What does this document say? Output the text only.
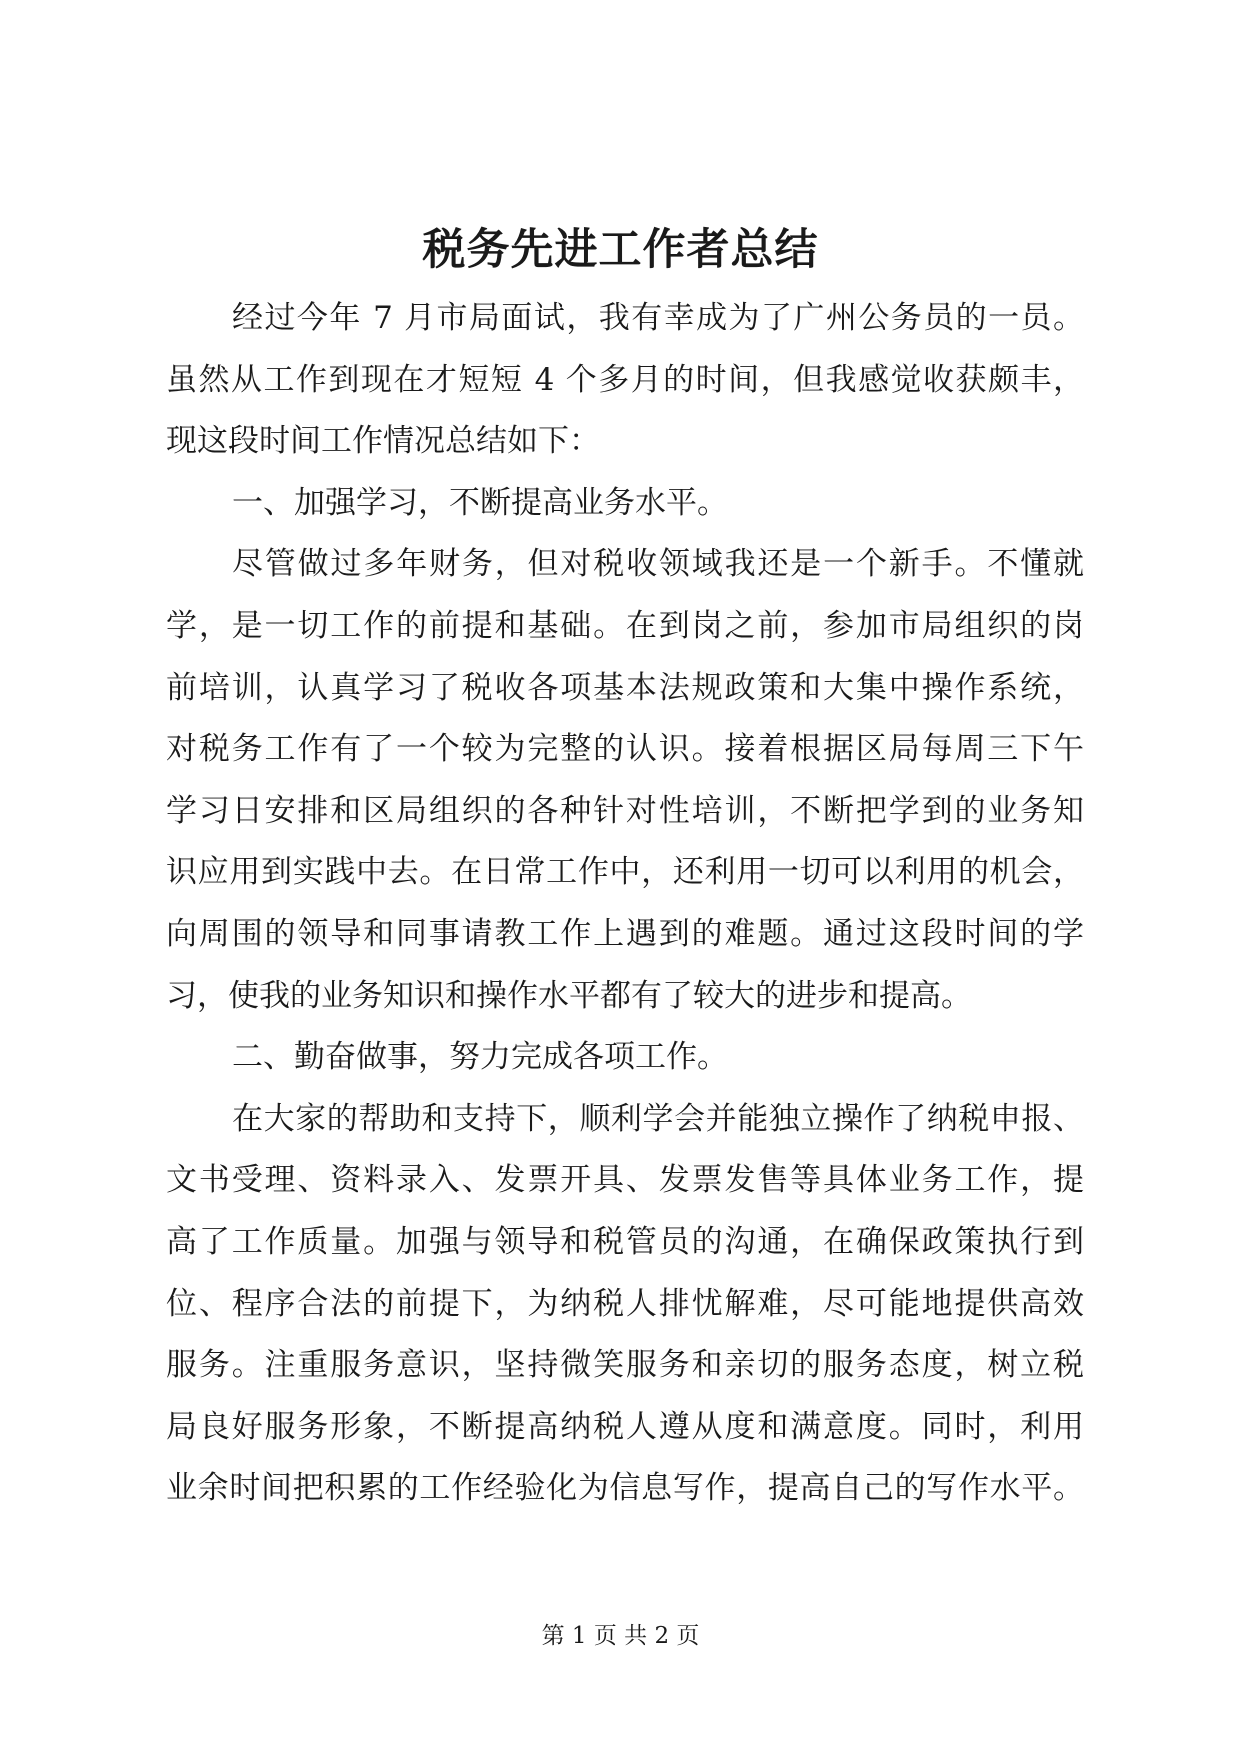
税务先进工作者总结
经过今年 7 月市局面试，我有幸成为了广州公务员的一员。
虽然从工作到现在才短短 4 个多月的时间，但我感觉收获颇丰，
现这段时间工作情况总结如下：
一、加强学习，不断提高业务水平。
尽管做过多年财务，但对税收领域我还是一个新手。不懂就
学，是一切工作的前提和基础。在到岗之前，参加市局组织的岗
前培训，认真学习了税收各项基本法规政策和大集中操作系统，
对税务工作有了一个较为完整的认识。接着根据区局每周三下午
学习日安排和区局组织的各种针对性培训，不断把学到的业务知
识应用到实践中去。在日常工作中，还利用一切可以利用的机会，
向周围的领导和同事请教工作上遇到的难题。通过这段时间的学
习，使我的业务知识和操作水平都有了较大的进步和提高。
二、勤奋做事，努力完成各项工作。
在大家的帮助和支持下，顺利学会并能独立操作了纳税申报、
文书受理、资料录入、发票开具、发票发售等具体业务工作，提
高了工作质量。加强与领导和税管员的沟通，在确保政策执行到
位、程序合法的前提下，为纳税人排忧解难，尽可能地提供高效
服务。注重服务意识，坚持微笑服务和亲切的服务态度，树立税
局良好服务形象，不断提高纳税人遵从度和满意度。同时，利用
业余时间把积累的工作经验化为信息写作，提高自己的写作水平。
第 1 页 共 2 页
